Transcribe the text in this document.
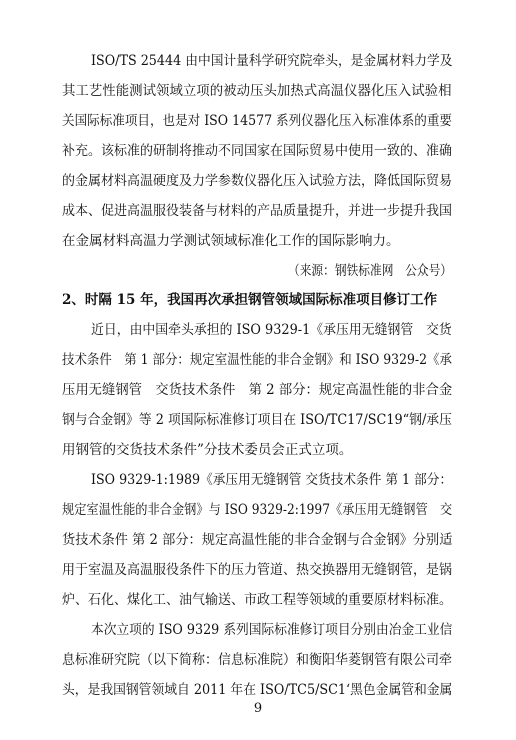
ISO/TS 25444 由中国计量科学研究院牵头，是金属材料力学及
其工艺性能测试领域立项的被动压头加热式高温仪器化压入试验相
关国际标准项目，也是对 ISO 14577 系列仪器化压入标准体系的重要
补充。该标准的研制将推动不同国家在国际贸易中使用一致的、准确
的金属材料高温硬度及力学参数仪器化压入试验方法，降低国际贸易
成本、促进高温服役装备与材料的产品质量提升，并进一步提升我国
在金属材料高温力学测试领域标准化工作的国际影响力。
（来源：钢铁标准网　公众号）
2、时隔 15 年，我国再次承担钢管领域国际标准项目修订工作
近日，由中国牵头承担的 ISO 9329-1《承压用无缝钢管　交货
技术条件　第 1 部分：规定室温性能的非合金钢》和 ISO 9329-2《承
压用无缝钢管　交货技术条件　第 2 部分：规定高温性能的非合金
钢与合金钢》等 2 项国际标准修订项目在 ISO/TC17/SC19“钢/承压
用钢管的交货技术条件”分技术委员会正式立项。
ISO 9329-1:1989《承压用无缝钢管 交货技术条件 第 1 部分：
规定室温性能的非合金钢》与 ISO 9329-2:1997《承压用无缝钢管　交
货技术条件 第 2 部分：规定高温性能的非合金钢与合金钢》分别适
用于室温及高温服役条件下的压力管道、热交换器用无缝钢管，是锅
炉、石化、煤化工、油气输送、市政工程等领域的重要原材料标准。
本次立项的 ISO 9329 系列国际标准修订项目分别由冶金工业信
息标准研究院（以下简称：信息标准院）和衡阳华菱钢管有限公司牵
头，是我国钢管领域自 2011 年在 ISO/TC5/SC1‘黑色金属管和金属
9
